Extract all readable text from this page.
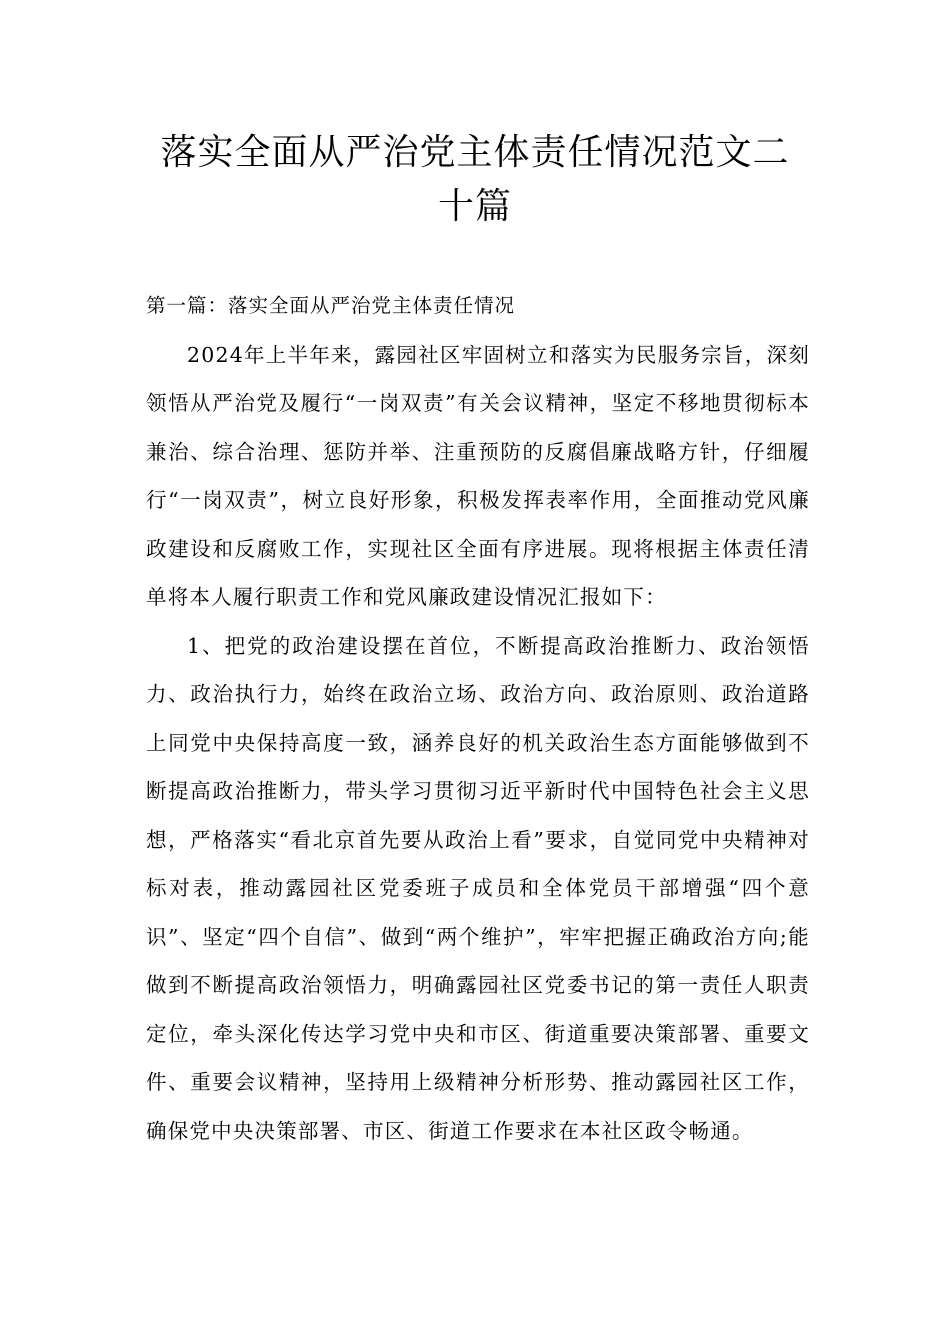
落实全面从严治党主体责任情况范文二
十篇

第一篇：落实全面从严治党主体责任情况

2024年上半年来，露园社区牢固树立和落实为民服务宗旨，深刻领悟从严治党及履行“一岗双责”有关会议精神，坚定不移地贯彻标本兼治、综合治理、惩防并举、注重预防的反腐倡廉战略方针，仔细履行“一岗双责”，树立良好形象，积极发挥表率作用，全面推动党风廉政建设和反腐败工作，实现社区全面有序进展。现将根据主体责任清单将本人履行职责工作和党风廉政建设情况汇报如下：

1、把党的政治建设摆在首位，不断提高政治推断力、政治领悟力、政治执行力，始终在政治立场、政治方向、政治原则、政治道路上同党中央保持高度一致，涵养良好的机关政治生态方面能够做到不断提高政治推断力，带头学习贯彻习近平新时代中国特色社会主义思想，严格落实“看北京首先要从政治上看”要求，自觉同党中央精神对标对表，推动露园社区党委班子成员和全体党员干部增强“四个意识”、坚定“四个自信”、做到“两个维护”，牢牢把握正确政治方向;能做到不断提高政治领悟力，明确露园社区党委书记的第一责任人职责定位，牵头深化传达学习党中央和市区、街道重要决策部署、重要文件、重要会议精神，坚持用上级精神分析形势、推动露园社区工作，确保党中央决策部署、市区、街道工作要求在本社区政令畅通。
